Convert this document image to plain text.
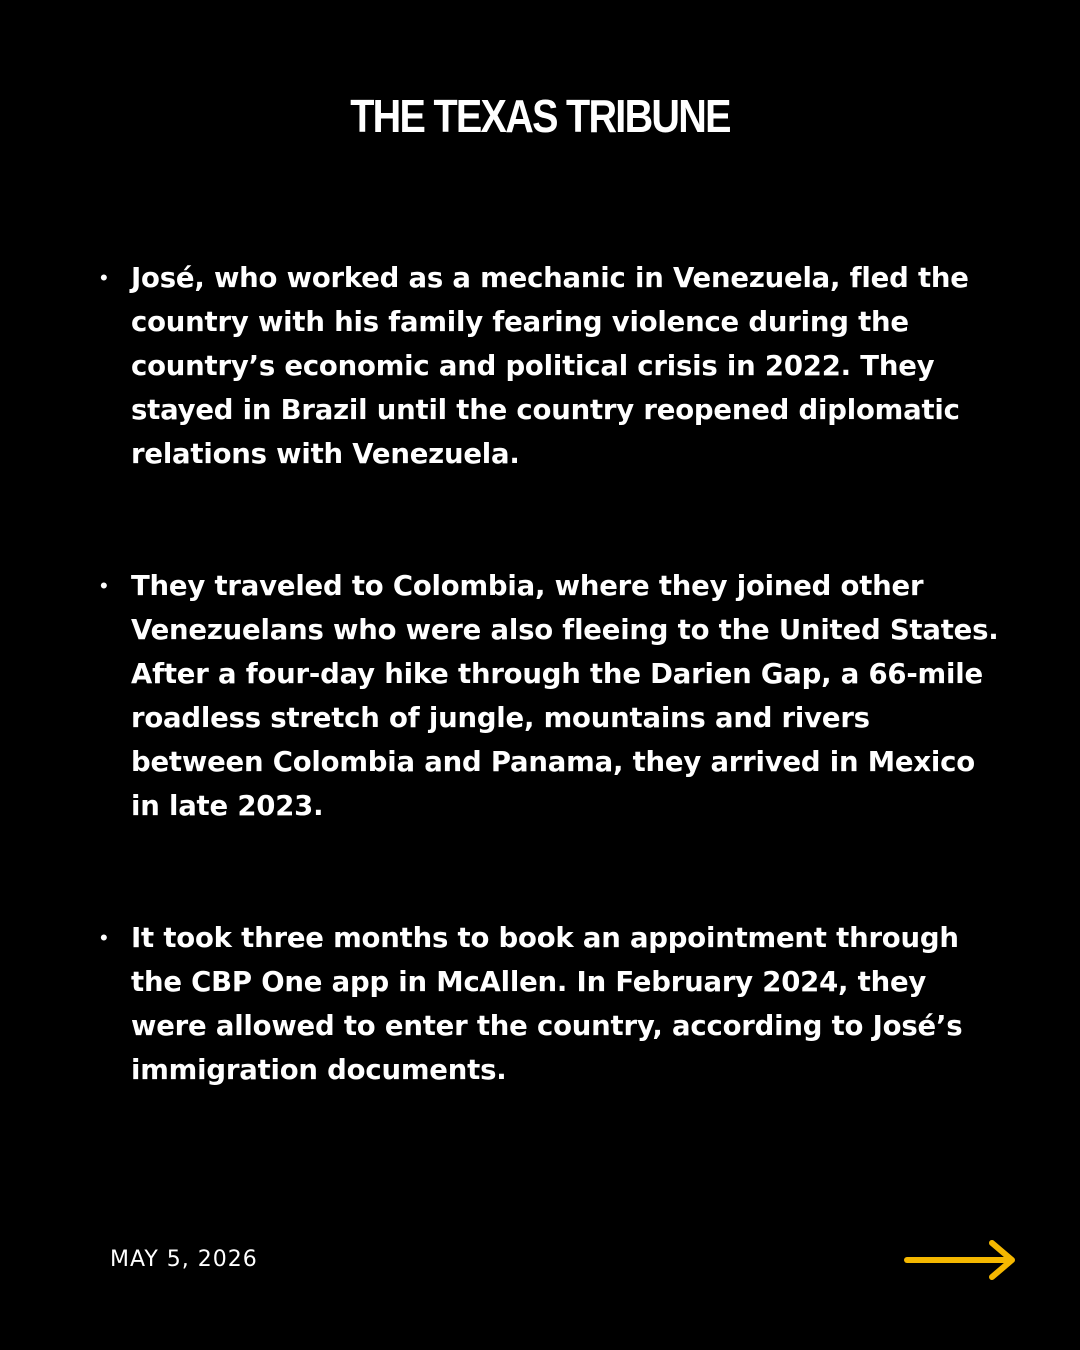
THE TEXAS TRIBUNE
• José, who worked as a mechanic in Venezuela, fled the country with his family fearing violence during the country’s economic and political crisis in 2022. They stayed in Brazil until the country reopened diplomatic relations with Venezuela.
• They traveled to Colombia, where they joined other Venezuelans who were also fleeing to the United States. After a four-day hike through the Darien Gap, a 66-mile roadless stretch of jungle, mountains and rivers between Colombia and Panama, they arrived in Mexico in late 2023.
• It took three months to book an appointment through the CBP One app in McAllen. In February 2024, they were allowed to enter the country, according to José’s immigration documents.
MAY 5, 2026
